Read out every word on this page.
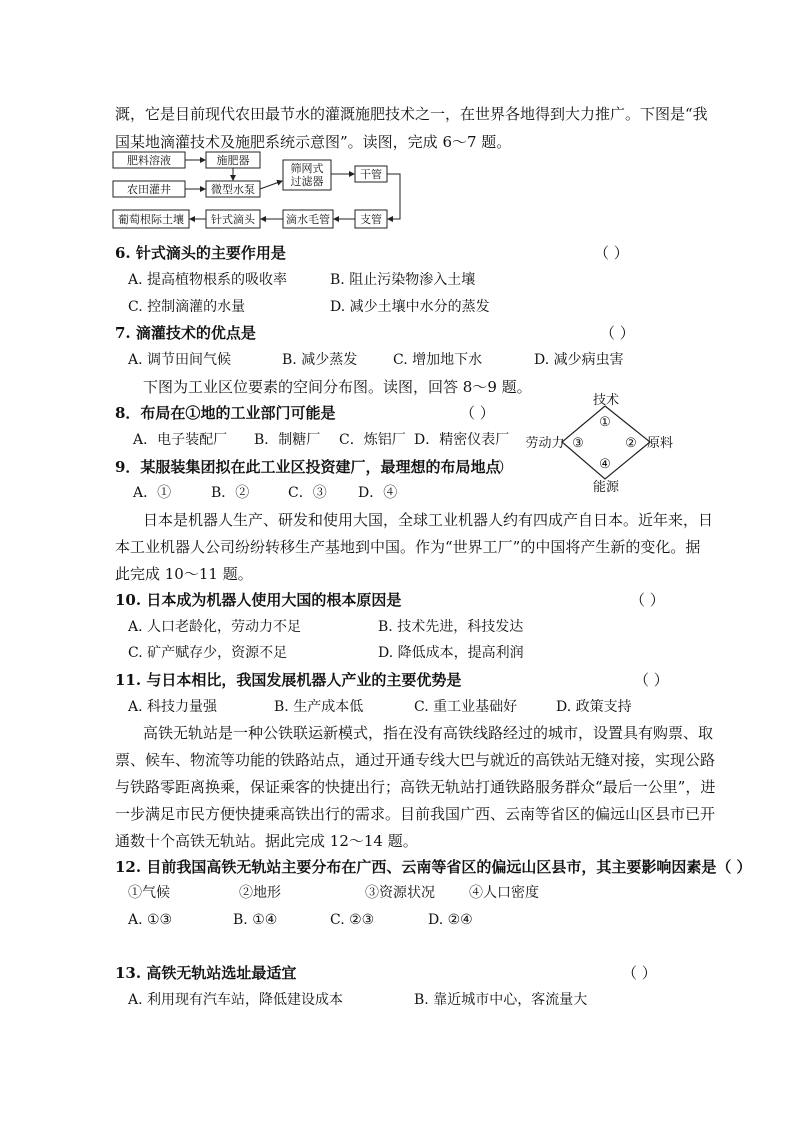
溉，它是目前现代农田最节水的灌溉施肥技术之一，在世界各地得到大力推广。下图是“我
国某地滴灌技术及施肥系统示意图”。读图，完成 6～7 题。
肥料溶液	施肥器
农田灌井	微型水泵
筛网式
过滤器
干管
葡萄根际土壤 针式滴头	滴水毛管	支管
6. 针式滴头的主要作用是	（ ）
A. 提高植物根系的吸收率	B. 阻止污染物渗入土壤
C. 控制滴灌的水量	D. 减少土壤中水分的蒸发
7. 滴灌技术的优点是	（ ）
A. 调节田间气候	B. 减少蒸发	C. 增加地下水	D. 减少病虫害
下图为工业区位要素的空间分布图。读图，回答 8～9 题。
8．布局在①地的工业部门可能是	（ ）
A．电子装配厂 B．制糖厂 C．炼铝厂 D．精密仪表厂
9．某服装集团拟在此工业区投资建厂，最理想的布局地点
）
A．①	B．②	C．③ D．④
技术
劳动力	原料
能源
①
②
③
④
日本是机器人生产、研发和使用大国，全球工业机器人约有四成产自日本。近年来，日
本工业机器人公司纷纷转移生产基地到中国。作为“世界工厂”的中国将产生新的变化。据
此完成 10～11 题。
10. 日本成为机器人使用大国的根本原因是	（ ）
A. 人口老龄化，劳动力不足	B. 技术先进，科技发达
C. 矿产赋存少，资源不足	D. 降低成本，提高利润
11. 与日本相比，我国发展机器人产业的主要优势是	（ ）
A. 科技力量强	B. 生产成本低	C. 重工业基础好	D. 政策支持
高铁无轨站是一种公铁联运新模式，指在没有高铁线路经过的城市，设置具有购票、取
票、候车、物流等功能的铁路站点，通过开通专线大巴与就近的高铁站无缝对接，实现公路
与铁路零距离换乘，保证乘客的快捷出行；高铁无轨站打通铁路服务群众“最后一公里”，进
一步满足市民方便快捷乘高铁出行的需求。目前我国广西、云南等省区的偏远山区县市已开
通数十个高铁无轨站。据此完成 12～14 题。
12. 目前我国高铁无轨站主要分布在广西、云南等省区的偏远山区县市，其主要影响因素是（ ）
①气候	②地形	③资源状况 ④人口密度
A. ①③	B. ①④	C. ②③	D. ②④
13. 高铁无轨站选址最适宜	（ ）
A. 利用现有汽车站，降低建设成本	B. 靠近城市中心，客流量大
